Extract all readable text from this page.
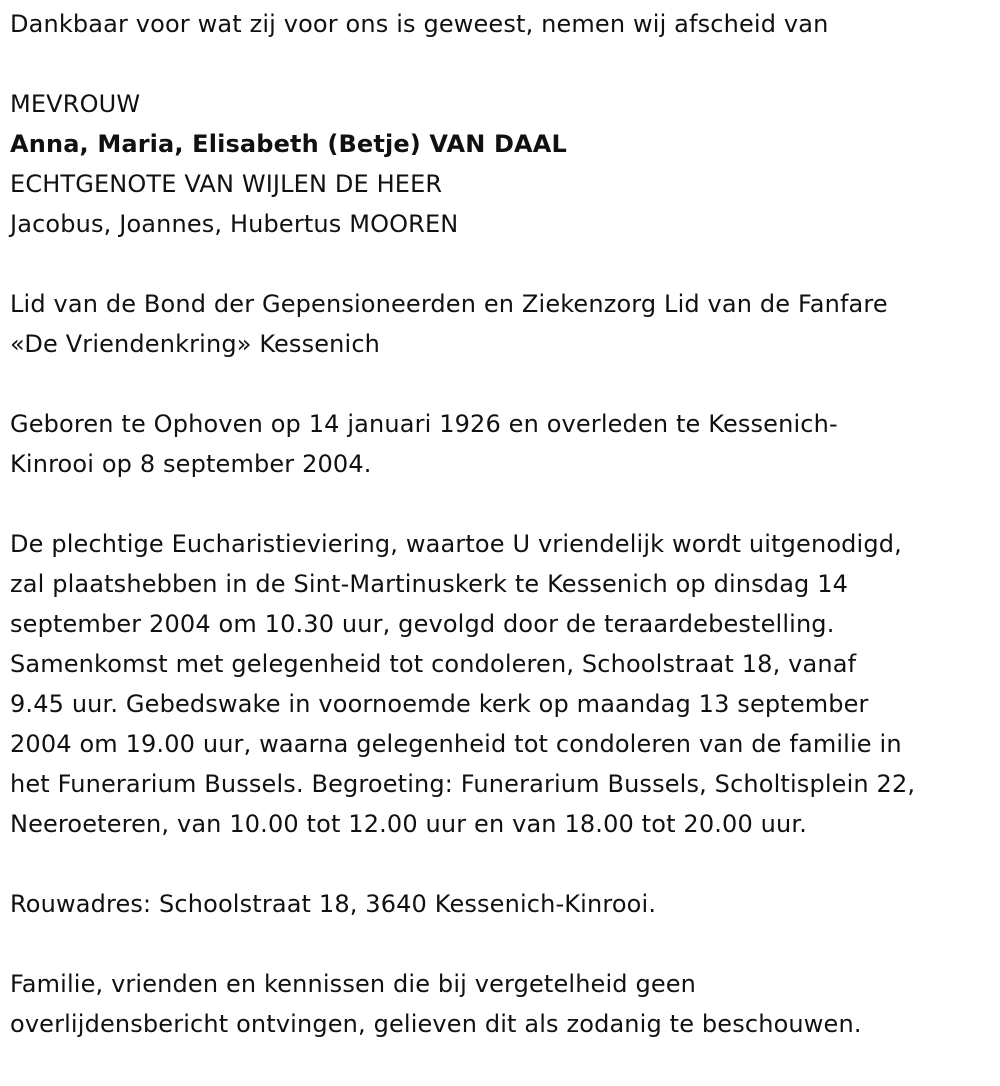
Dankbaar voor wat zij voor ons is geweest, nemen wij afscheid van

MEVROUW

Anna, Maria, Elisabeth (Betje) VAN DAAL

ECHTGENOTE VAN WIJLEN DE HEER

Jacobus, Joannes, Hubertus MOOREN

Lid van de Bond der Gepensioneerden en Ziekenzorg Lid van de Fanfare
«De Vriendenkring» Kessenich

Geboren te Ophoven op 14 januari 1926 en overleden te Kessenich-
Kinrooi op 8 september 2004.

De plechtige Eucharistieviering, waartoe U vriendelijk wordt uitgenodigd,
zal plaatshebben in de Sint-Martinuskerk te Kessenich op dinsdag 14
september 2004 om 10.30 uur, gevolgd door de teraardebestelling.
Samenkomst met gelegenheid tot condoleren, Schoolstraat 18, vanaf
9.45 uur. Gebedswake in voornoemde kerk op maandag 13 september
2004 om 19.00 uur, waarna gelegenheid tot condoleren van de familie in
het Funerarium Bussels. Begroeting: Funerarium Bussels, Scholtisplein 22,
Neeroeteren, van 10.00 tot 12.00 uur en van 18.00 tot 20.00 uur.

Rouwadres: Schoolstraat 18, 3640 Kessenich-Kinrooi.

Familie, vrienden en kennissen die bij vergetelheid geen
overlijdensbericht ontvingen, gelieven dit als zodanig te beschouwen.
